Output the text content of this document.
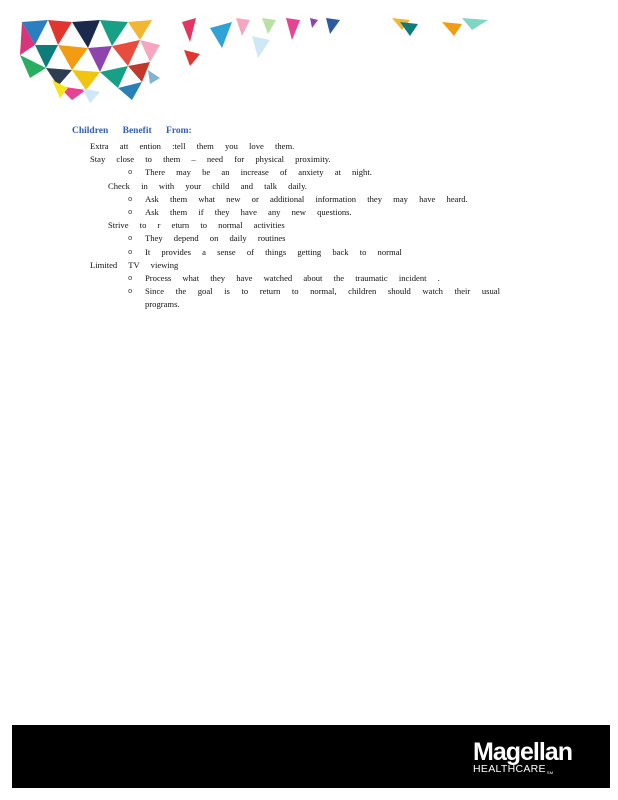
Children Benefit From:
Extra att ention :tell them you love them.
Stay close to them – need for physical proximity.
o There may be an increase of anxiety at night.
Check in with your child and talk daily.
o Ask them what new or additional information they may have heard.
o Ask them if they have any new questions.
Strive to r eturn to normal activities
o They depend on daily routines
o It provides a sense of things getting back to normal
Limited TV viewing
o Process what they have watched about the traumatic incident .
o Since the goal is to return to normal, children should watch their usual programs.
Magellan
HEALTHCARESM
